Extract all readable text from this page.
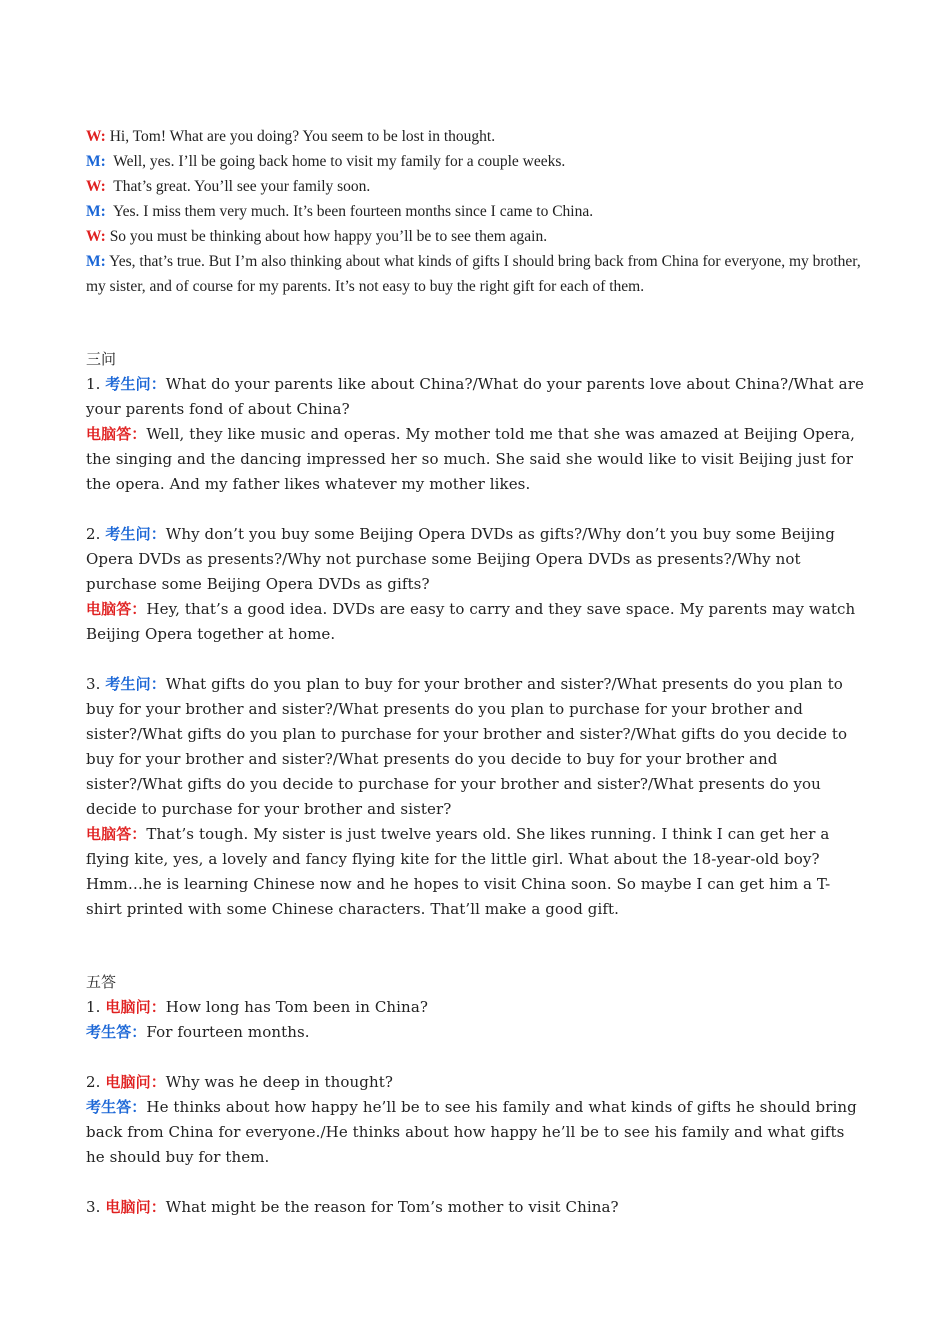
W: Hi, Tom! What are you doing? You seem to be lost in thought.

M: Well, yes. I’ll be going back home to visit my family for a couple weeks.

W: That’s great. You’ll see your family soon.

M: Yes. I miss them very much. It’s been fourteen months since I came to China.

W: So you must be thinking about how happy you’ll be to see them again.

M: Yes, that’s true. But I’m also thinking about what kinds of gifts I should bring back from China for everyone, my brother, my sister, and of course for my parents. It’s not easy to buy the right gift for each of them.

三问

1. 考生问：What do your parents like about China?/What do your parents love about China?/What are your parents fond of about China?

电脑答：Well, they like music and operas. My mother told me that she was amazed at Beijing Opera, the singing and the dancing impressed her so much. She said she would like to visit Beijing just for the opera. And my father likes whatever my mother likes.

2. 考生问：Why don’t you buy some Beijing Opera DVDs as gifts?/Why don’t you buy some Beijing Opera DVDs as presents?/Why not purchase some Beijing Opera DVDs as presents?/Why not purchase some Beijing Opera DVDs as gifts?

电脑答：Hey, that’s a good idea. DVDs are easy to carry and they save space. My parents may watch Beijing Opera together at home.

3. 考生问：What gifts do you plan to buy for your brother and sister?/What presents do you plan to buy for your brother and sister?/What presents do you plan to purchase for your brother and sister?/What gifts do you plan to purchase for your brother and sister?/What gifts do you decide to buy for your brother and sister?/What presents do you decide to buy for your brother and sister?/What gifts do you decide to purchase for your brother and sister?/What presents do you decide to purchase for your brother and sister?

电脑答：That’s tough. My sister is just twelve years old. She likes running. I think I can get her a flying kite, yes, a lovely and fancy flying kite for the little girl. What about the 18-year-old boy? Hmm…he is learning Chinese now and he hopes to visit China soon. So maybe I can get him a T-shirt printed with some Chinese characters. That’ll make a good gift.

五答

1. 电脑问：How long has Tom been in China?

考生答：For fourteen months.

2. 电脑问：Why was he deep in thought?

考生答：He thinks about how happy he’ll be to see his family and what kinds of gifts he should bring back from China for everyone./He thinks about how happy he’ll be to see his family and what gifts he should buy for them.

3. 电脑问：What might be the reason for Tom’s mother to visit China?
